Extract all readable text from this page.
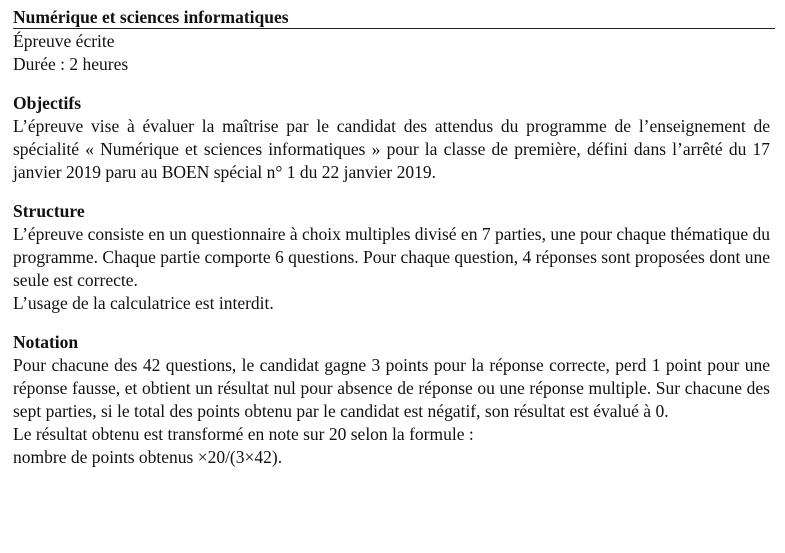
Numérique et sciences informatiques
Épreuve écrite
Durée : 2 heures
Objectifs

L’épreuve vise à évaluer la maîtrise par le candidat des attendus du programme de l’enseignement de spécialité « Numérique et sciences informatiques » pour la classe de première, défini dans l’arrêté du 17 janvier 2019 paru au BOEN spécial n° 1 du 22 janvier 2019.

Structure

L’épreuve consiste en un questionnaire à choix multiples divisé en 7 parties, une pour chaque thématique du programme. Chaque partie comporte 6 questions. Pour chaque question, 4 réponses sont proposées dont une seule est correcte.

L’usage de la calculatrice est interdit.

Notation

Pour chacune des 42 questions, le candidat gagne 3 points pour la réponse correcte, perd 1 point pour une réponse fausse, et obtient un résultat nul pour absence de réponse ou une réponse multiple. Sur chacune des sept parties, si le total des points obtenu par le candidat est négatif, son résultat est évalué à 0.

Le résultat obtenu est transformé en note sur 20 selon la formule :

nombre de points obtenus ×20/(3×42).
